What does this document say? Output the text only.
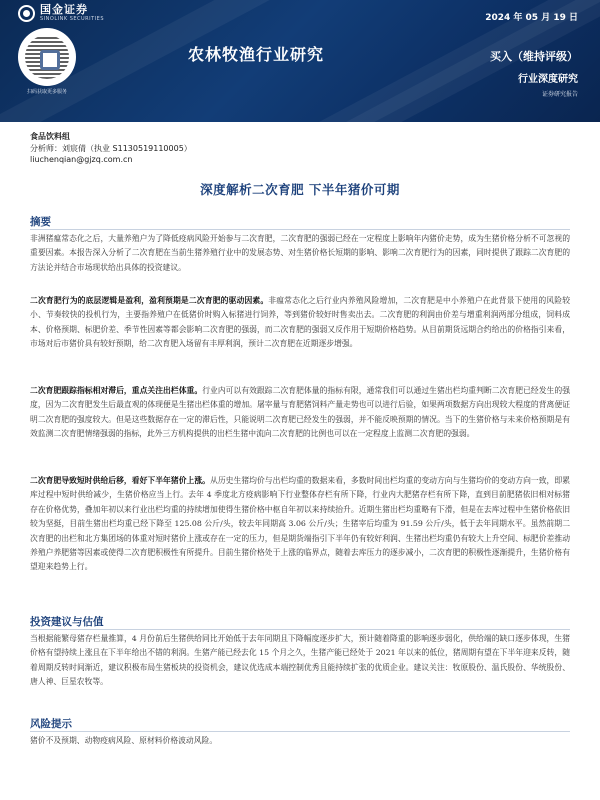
国金证券
SINOLINK SECURITIES
扫码获取更多服务
2024 年 05 月 19 日
农林牧渔行业研究	买入（维持评级）
行业深度研究
证券研究报告
食品饮料组
分析师：刘宸倩（执业 S1130519110005）
liuchenqian@gjzq.com.cn
深度解析二次育肥 下半年猪价可期
摘要
非洲猪瘟常态化之后，大量养殖户为了降低疫病风险开始参与二次育肥，二次育肥的强弱已经在一定程度上影响年内猪价走势，成为生猪价格分析不可忽视的重要因素。本报告深入分析了二次育肥在当前生猪养殖行业中的发展态势、对生猪价格长短期的影响、影响二次育肥行为的因素，同时提供了跟踪二次育肥的方法论并结合市场现状给出具体的投资建议。
二次育肥行为的底层逻辑是盈利，盈利预期是二次育肥的驱动因素。非瘟常态化之后行业内养殖风险增加，二次育肥是中小养殖户在此背景下使用的风险较小、节奏较快的投机行为，主要指养殖户在低猪价时购入标猪进行饲养，等到猪价较好时售卖出去。二次育肥的利润由价差与增重利润两部分组成，饲料成本、价格预期、标肥价差、季节性因素等都会影响二次育肥的强弱，而二次育肥的强弱又反作用于短期价格趋势。从目前期货远期合约给出的价格指引来看，市场对后市猪价具有较好预期，给二次育肥入场留有丰厚利润，预计二次育肥在近期逐步增强。
二次育肥跟踪指标相对滞后，重点关注出栏体重。行业内可以有效跟踪二次育肥体量的指标有限，通常我们可以通过生猪出栏均重判断二次育肥已经发生的强度，因为二次育肥发生后最直观的体现便是生猪出栏体重的增加。屠宰量与育肥猪饲料产量走势也可以进行后验，如果两项数据方向出现较大程度的背离便证明二次育肥的强度较大。但是这些数据存在一定的滞后性，只能说明二次育肥已经发生的强弱，并不能反映预期的情况。当下的生猪价格与未来价格预期是有效监测二次育肥情绪强弱的指标，此外三方机构提供的出栏生猪中流向二次育肥的比例也可以在一定程度上监测二次育肥的强弱。
二次育肥导致短时供给后移，看好下半年猪价上涨。从历史生猪均价与出栏均重的数据来看，多数时间出栏均重的变动方向与生猪均价的变动方向一致，即累库过程中短时供给减少，生猪价格应当上行。去年 4 季度北方疫病影响下行业整体存栏有所下降，行业内大肥猪存栏有所下降，直到目前肥猪依旧相对标猪存在价格优势，叠加年初以来行业出栏均重的持续增加使得生猪价格中枢自年初以来持续抬升。近期生猪出栏均重略有下滑，但是在去库过程中生猪价格依旧较为坚挺，目前生猪出栏均重已经下降至 125.08 公斤/头，较去年同期高 3.06 公斤/头；生猪宰后均重为 91.59 公斤/头，低于去年同期水平。虽然前期二次育肥的出栏和北方集团场的体重对短时猪价上涨或存在一定的压力，但是期货端指引下半年仍有较好利润、生猪出栏均重仍有较大上升空间、标肥价差推动养殖户养肥猪等因素或使得二次育肥积极性有所提升。目前生猪价格处于上涨的临界点，随着去库压力的逐步减小，二次育肥的积极性逐渐提升，生猪价格有望迎来趋势上行。
投资建议与估值
当根据能繁母猪存栏量推算，4 月份前后生猪供给同比开始低于去年同期且下降幅度逐步扩大，预计随着降重的影响逐步弱化，供给端的缺口逐步体现，生猪价格有望持续上涨且在下半年给出不错的利润。生猪产能已经去化 15 个月之久，生猪产能已经处于 2021 年以来的低位，猪周期有望在下半年迎来反转，随着周期反转时间渐近，建议积极布局生猪板块的投资机会，建议优选成本端控制优秀且能持续扩张的优质企业。建议关注：牧原股份、温氏股份、华统股份、唐人神、巨星农牧等。
风险提示
猪价不及预期、动物疫病风险、原材料价格波动风险。
